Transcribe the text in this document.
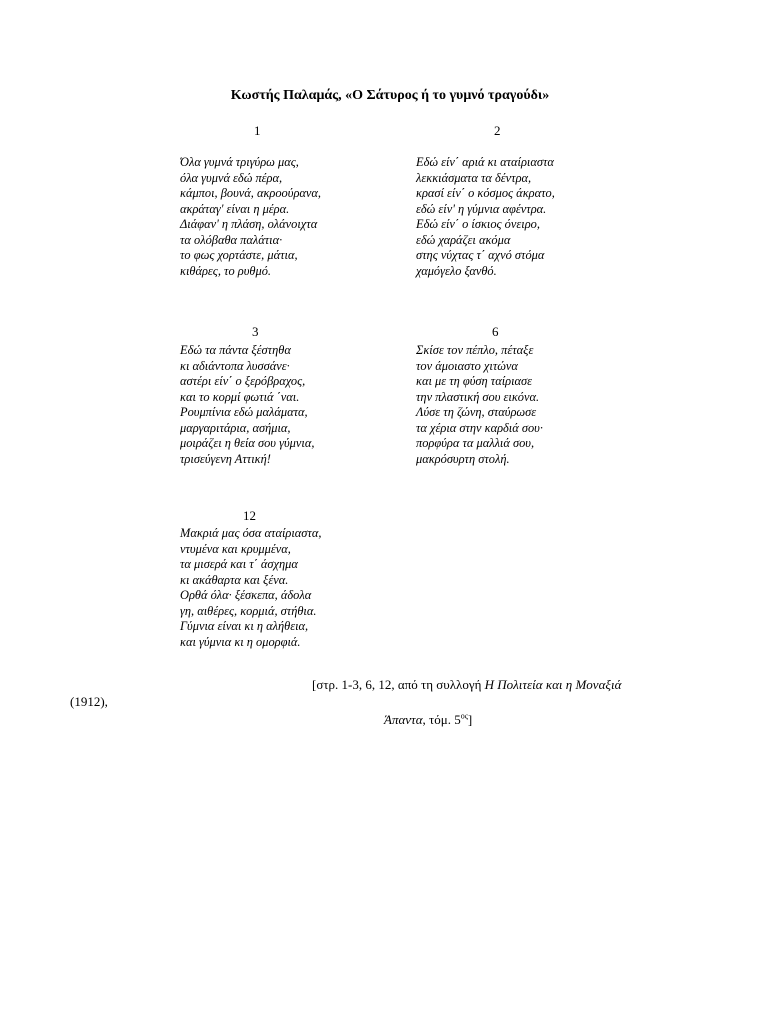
Κωστής Παλαμάς, «Ο Σάτυρος ή το γυμνό τραγούδι»
1
Όλα γυμνά τριγύρω μας,
όλα γυμνά εδώ πέρα,
κάμποι, βουνά, ακροούρανα,
ακράταγ' είναι η μέρα.
Διάφαν' η πλάση, ολάνοιχτα
τα ολόβαθα παλάτια·
το φως χορτάστε, μάτια,
κιθάρες, το ρυθμό.
2
Εδώ είν΄ αριά κι αταίριαστα
λεκκιάσματα τα δέντρα,
κρασί είν΄ ο κόσμος άκρατο,
εδώ είν' η γύμνια αφέντρα.
Εδώ είν΄ ο ίσκιος όνειρο,
εδώ χαράζει ακόμα
στης νύχτας τ΄ αχνό στόμα
χαμόγελο ξανθό.
3
Εδώ τα πάντα ξέστηθα
κι αδιάντοπα λυσσάνε·
αστέρι είν΄ ο ξερόβραχος,
και το κορμί φωτιά ΄ναι.
Ρουμπίνια εδώ μαλάματα,
μαργαριτάρια, ασήμια,
μοιράζει η θεία σου γύμνια,
τρισεύγενη Αττική!
6
Σκίσε τον πέπλο, πέταξε
τον άμοιαστο χιτώνα
και με τη φύση ταίριασε
την πλαστική σου εικόνα.
Λύσε τη ζώνη, σταύρωσε
τα χέρια στην καρδιά σου·
πορφύρα τα μαλλιά σου,
μακρόσυρτη στολή.
12
Μακριά μας όσα αταίριαστα,
ντυμένα και κρυμμένα,
τα μισερά και τ΄ άσχημα
κι ακάθαρτα και ξένα.
Ορθά όλα· ξέσκεπα, άδολα
γη, αιθέρες, κορμιά, στήθια.
Γύμνια είναι κι η αλήθεια,
και γύμνια κι η ομορφιά.
[στρ. 1-3, 6, 12, από τη συλλογή Η Πολιτεία και η Μοναξιά
(1912),
Άπαντα, τόμ. $5^{o\varsigma}$]
